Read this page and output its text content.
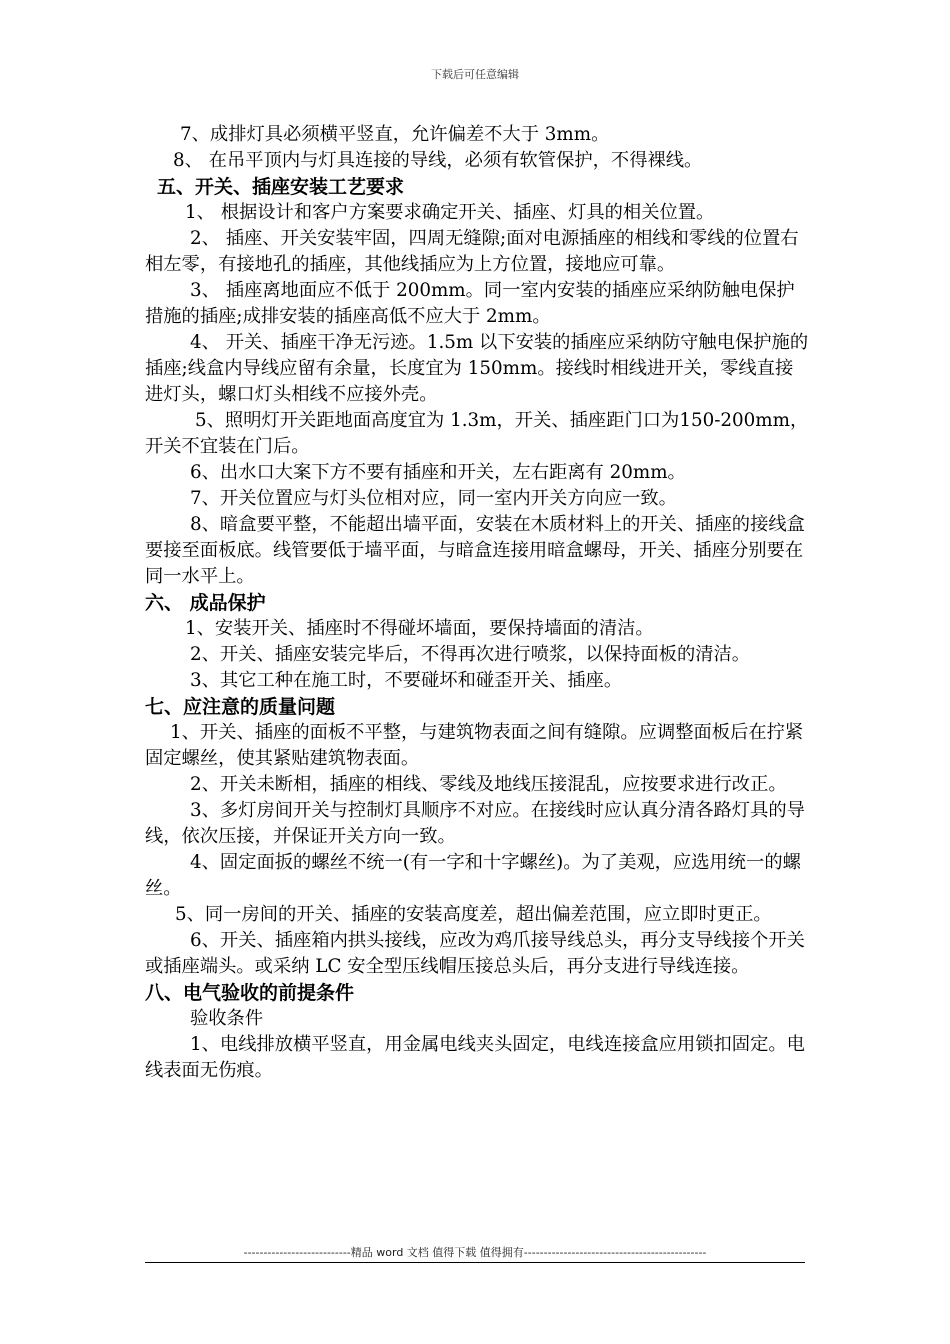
下载后可任意编辑

7、成排灯具必须横平竖直，允许偏差不大于 3mm。

8、 在吊平顶内与灯具连接的导线，必须有软管保护，不得裸线。

五、开关、插座安装工艺要求

1、 根据设计和客户方案要求确定开关、插座、灯具的相关位置。

2、 插座、开关安装牢固，四周无缝隙;面对电源插座的相线和零线的位置右相左零，有接地孔的插座，其他线插应为上方位置，接地应可靠。

3、 插座离地面应不低于 200mm。同一室内安装的插座应采纳防触电保护措施的插座;成排安装的插座高低不应大于 2mm。

4、 开关、插座干净无污迹。1.5m 以下安装的插座应采纳防守触电保护施的插座;线盒内导线应留有余量，长度宜为 150mm。接线时相线进开关，零线直接进灯头，螺口灯头相线不应接外壳。

5、照明灯开关距地面高度宜为 1.3m，开关、插座距门口为150-200mm，开关不宜装在门后。

6、出水口大案下方不要有插座和开关，左右距离有 20mm。

7、开关位置应与灯头位相对应，同一室内开关方向应一致。

8、暗盒要平整，不能超出墙平面，安装在木质材料上的开关、插座的接线盒要接至面板底。线管要低于墙平面，与暗盒连接用暗盒螺母，开关、插座分别要在同一水平上。

六、 成品保护

1、安装开关、插座时不得碰坏墙面，要保持墙面的清洁。

2、开关、插座安装完毕后，不得再次进行喷浆，以保持面板的清洁。

3、其它工种在施工时，不要碰坏和碰歪开关、插座。

七、应注意的质量问题

1、开关、插座的面板不平整，与建筑物表面之间有缝隙。应调整面板后在拧紧固定螺丝，使其紧贴建筑物表面。

2、开关未断相，插座的相线、零线及地线压接混乱，应按要求进行改正。

3、多灯房间开关与控制灯具顺序不对应。在接线时应认真分清各路灯具的导线，依次压接，并保证开关方向一致。

4、固定面扳的螺丝不统一(有一字和十字螺丝)。为了美观，应选用统一的螺丝。

5、同一房间的开关、插座的安装高度差，超出偏差范围，应立即时更正。

6、开关、插座箱内拱头接线，应改为鸡爪接导线总头，再分支导线接个开关或插座端头。或采纳 LC 安全型压线帽压接总头后，再分支进行导线连接。

八、电气验收的前提条件

验收条件

1、电线排放横平竖直，用金属电线夹头固定，电线连接盒应用锁扣固定。电线表面无伤痕。

---------------------------精品 word 文档 值得下载 值得拥有----------------------------------------------
